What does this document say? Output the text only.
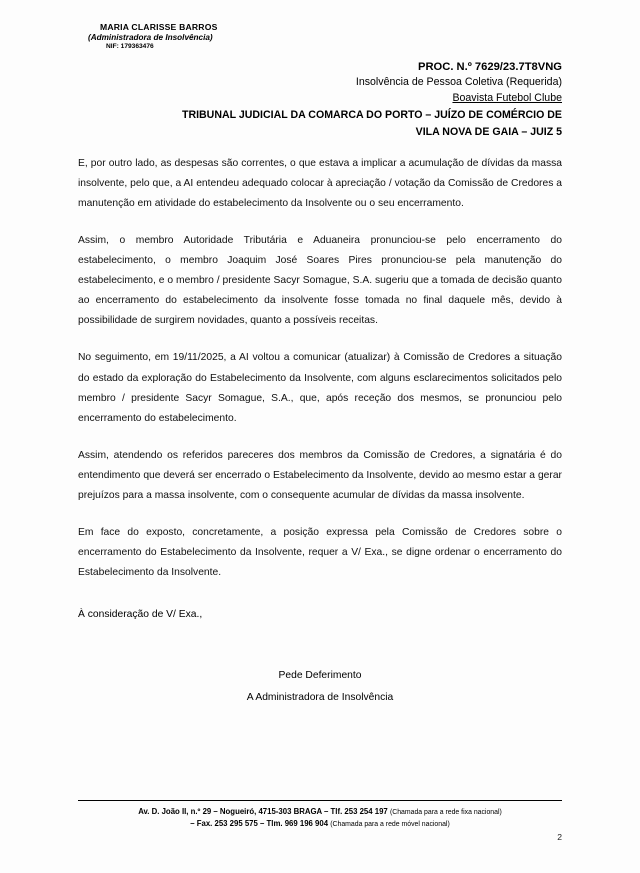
MARIA CLARISSE BARROS
(Administradora de Insolvência)
NIF: 179363476
PROC. N.º 7629/23.7T8VNG
Insolvência de Pessoa Coletiva (Requerida)
Boavista Futebol Clube
TRIBUNAL JUDICIAL DA COMARCA DO PORTO – JUÍZO DE COMÉRCIO DE
VILA NOVA DE GAIA – JUIZ 5

E, por outro lado, as despesas são correntes, o que estava a implicar a acumulação de dívidas da massa insolvente, pelo que, a AI entendeu adequado colocar à apreciação / votação da Comissão de Credores a manutenção em atividade do estabelecimento da Insolvente ou o seu encerramento.

Assim, o membro Autoridade Tributária e Aduaneira pronunciou-se pelo encerramento do estabelecimento, o membro Joaquim José Soares Pires pronunciou-se pela manutenção do estabelecimento, e o membro / presidente Sacyr Somague, S.A. sugeriu que a tomada de decisão quanto ao encerramento do estabelecimento da insolvente fosse tomada no final daquele mês, devido à possibilidade de surgirem novidades, quanto a possíveis receitas.

No seguimento, em 19/11/2025, a AI voltou a comunicar (atualizar) à Comissão de Credores a situação do estado da exploração do Estabelecimento da Insolvente, com alguns esclarecimentos solicitados pelo membro / presidente Sacyr Somague, S.A., que, após receção dos mesmos, se pronunciou pelo encerramento do estabelecimento.

Assim, atendendo os referidos pareceres dos membros da Comissão de Credores, a signatária é do entendimento que deverá ser encerrado o Estabelecimento da Insolvente, devido ao mesmo estar a gerar prejuízos para a massa insolvente, com o consequente acumular de dívidas da massa insolvente.

Em face do exposto, concretamente, a posição expressa pela Comissão de Credores sobre o encerramento do Estabelecimento da Insolvente, requer a V/ Exa., se digne ordenar o encerramento do Estabelecimento da Insolvente.

À consideração de V/ Exa.,
Pede Deferimento
A Administradora de Insolvência
Av. D. João II, n.º 29 – Nogueiró, 4715-303 BRAGA – Tlf. 253 254 197 (Chamada para a rede fixa nacional)
– Fax. 253 295 575 – Tlm. 969 196 904 (Chamada para a rede móvel nacional)
2
